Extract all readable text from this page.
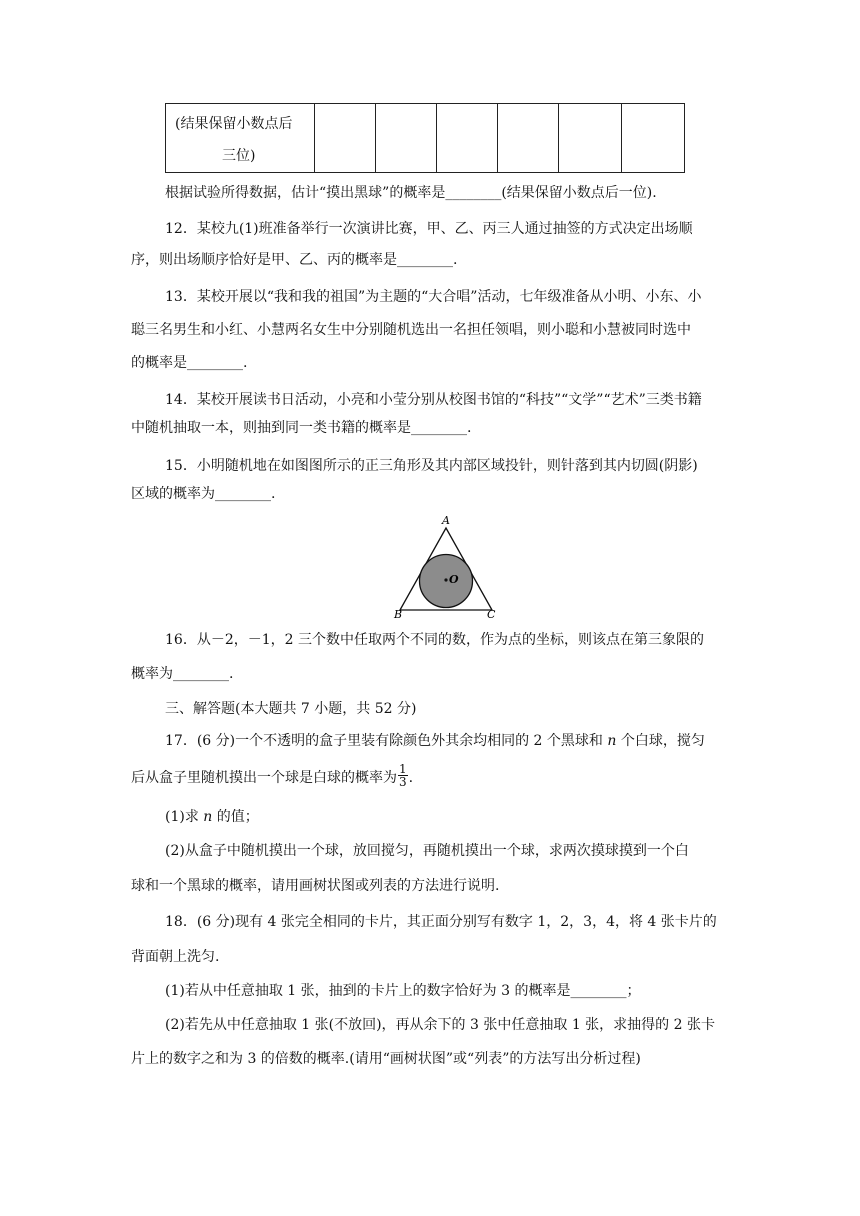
(结果保留小数点后
三位)

根据试验所得数据，估计“摸出黑球”的概率是________(结果保留小数点后一位).
12．某校九(1)班准备举行一次演讲比赛，甲、乙、丙三人通过抽签的方式决定出场顺
序，则出场顺序恰好是甲、乙、丙的概率是________.
13．某校开展以“我和我的祖国”为主题的“大合唱”活动，七年级准备从小明、小东、小
聪三名男生和小红、小慧两名女生中分别随机选出一名担任领唱，则小聪和小慧被同时选中
的概率是________.
14．某校开展读书日活动，小亮和小莹分别从校图书馆的“科技”“文学”“艺术”三类书籍
中随机抽取一本，则抽到同一类书籍的概率是________.
15．小明随机地在如图图所示的正三角形及其内部区域投针，则针落到其内切圆(阴影)
区域的概率为________.
A
B	C
O
16．从－2，－1，2 三个数中任取两个不同的数，作为点的坐标，则该点在第三象限的
概率为________.
三、解答题(本大题共 7 小题，共 52 分)
17．(6 分)一个不透明的盒子里装有除颜色外其余均相同的 2 个黑球和 n 个白球，搅匀
后从盒子里随机摸出一个球是白球的概率为 $\frac{1}{3}$ .
(1)求 n 的值；
(2)从盒子中随机摸出一个球，放回搅匀，再随机摸出一个球，求两次摸球摸到一个白
球和一个黑球的概率，请用画树状图或列表的方法进行说明.
18．(6 分)现有 4 张完全相同的卡片，其正面分别写有数字 1，2，3，4，将 4 张卡片的
背面朝上洗匀.
(1)若从中任意抽取 1 张，抽到的卡片上的数字恰好为 3 的概率是________；
(2)若先从中任意抽取 1 张(不放回)，再从余下的 3 张中任意抽取 1 张，求抽得的 2 张卡
片上的数字之和为 3 的倍数的概率.(请用“画树状图”或“列表”的方法写出分析过程)
